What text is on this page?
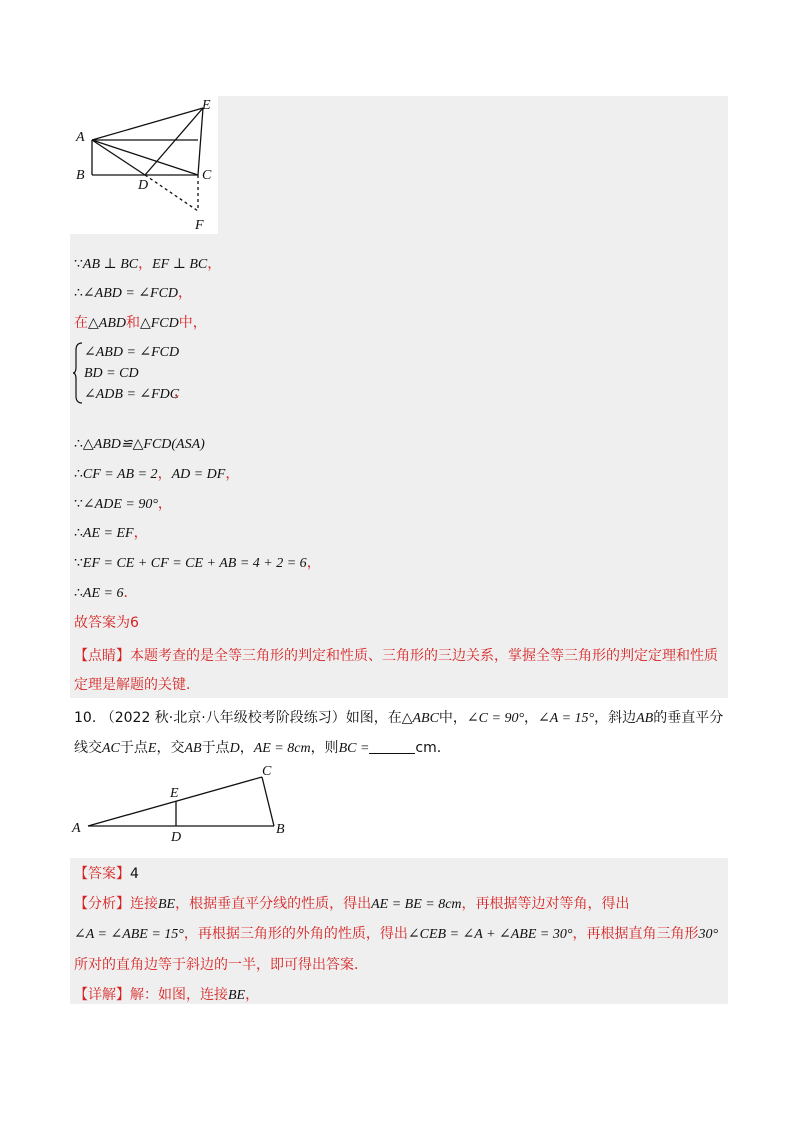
A
B	C
D
E
F
∵AB ⊥ BC，EF ⊥ BC，
∴∠ABD = ∠FCD，
在△ABD和△FCD中，
∠ABD = ∠FCD
BD = CD
∠ADB = ∠FDC
，
∴△ABD≌△FCD(ASA)
∴CF = AB = 2，AD = DF，
∵∠ADE = 90°，
∴AE = EF，
∵EF = CE + CF = CE + AB = 4 + 2 = 6，
∴AE = 6．
故答案为6
【点睛】本题考查的是全等三角形的判定和性质、三角形的三边关系，掌握全等三角形的判定定理和性质
定理是解题的关键.
10. （2022 秋·北京·八年级校考阶段练习）如图，在△ABC中，∠C = 90°，∠A = 15°，斜边AB的垂直平分
线交AC于点E，交AB于点D，AE = 8cm，则BC =	cm.
A	B
C
D
E
【答案】4
【分析】连接BE，根据垂直平分线的性质，得出AE = BE = 8cm，再根据等边对等角，得出
∠A = ∠ABE = 15°，再根据三角形的外角的性质，得出∠CEB = ∠A + ∠ABE = 30°，再根据直角三角形30°
所对的直角边等于斜边的一半，即可得出答案.
【详解】解：如图，连接BE，
